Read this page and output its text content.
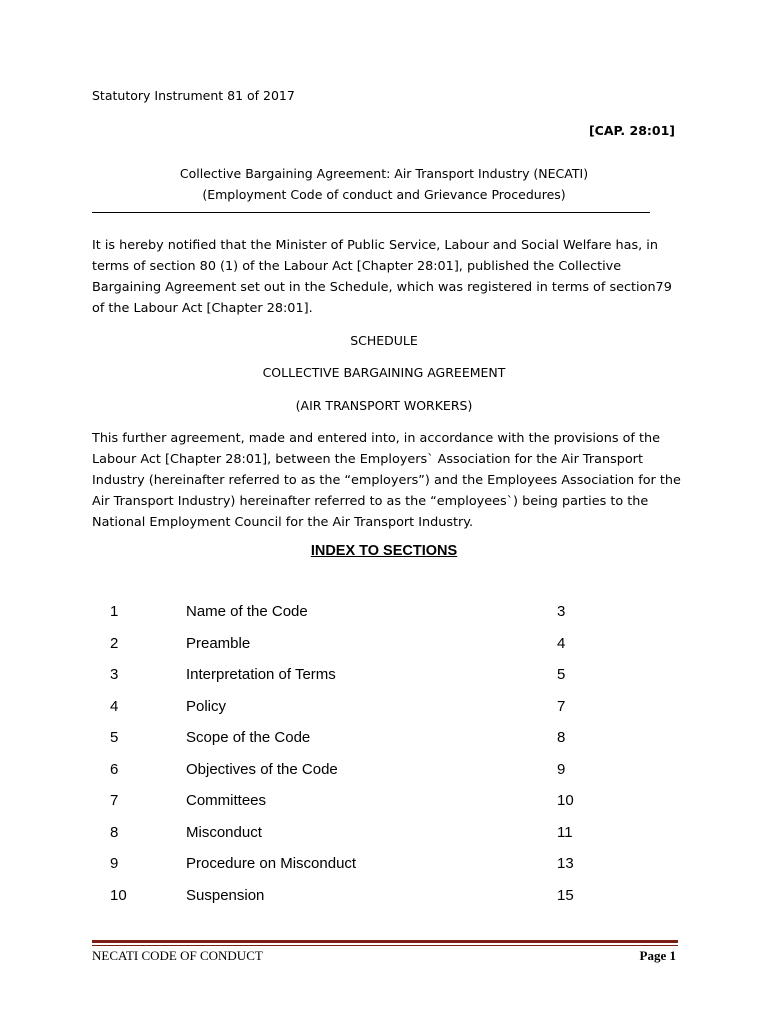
Statutory Instrument 81 of 2017
[CAP. 28:01]
Collective Bargaining Agreement: Air Transport Industry (NECATI)
(Employment Code of conduct and Grievance Procedures)
It is hereby notified that the Minister of Public Service, Labour and Social Welfare has, in terms of section 80 (1) of the Labour Act [Chapter 28:01], published the Collective Bargaining Agreement set out in the Schedule, which was registered in terms of section79 of the Labour Act [Chapter 28:01].
SCHEDULE
COLLECTIVE BARGAINING AGREEMENT
(AIR TRANSPORT WORKERS)
This further agreement, made and entered into, in accordance with the provisions of the Labour Act [Chapter 28:01], between the Employers` Association for the Air Transport Industry (hereinafter referred to as the “employers”) and the Employees Association for the Air Transport Industry) hereinafter referred to as the “employees`) being parties to the National Employment Council for the Air Transport Industry.
INDEX TO SECTIONS
1	Name of the Code	3
2	Preamble	4
3	Interpretation of Terms	5
4	Policy	7
5	Scope of the Code	8
6	Objectives of the Code	9
7	Committees	10
8	Misconduct	11
9	Procedure on Misconduct	13
10	Suspension	15
NECATI CODE OF CONDUCT	Page 1
